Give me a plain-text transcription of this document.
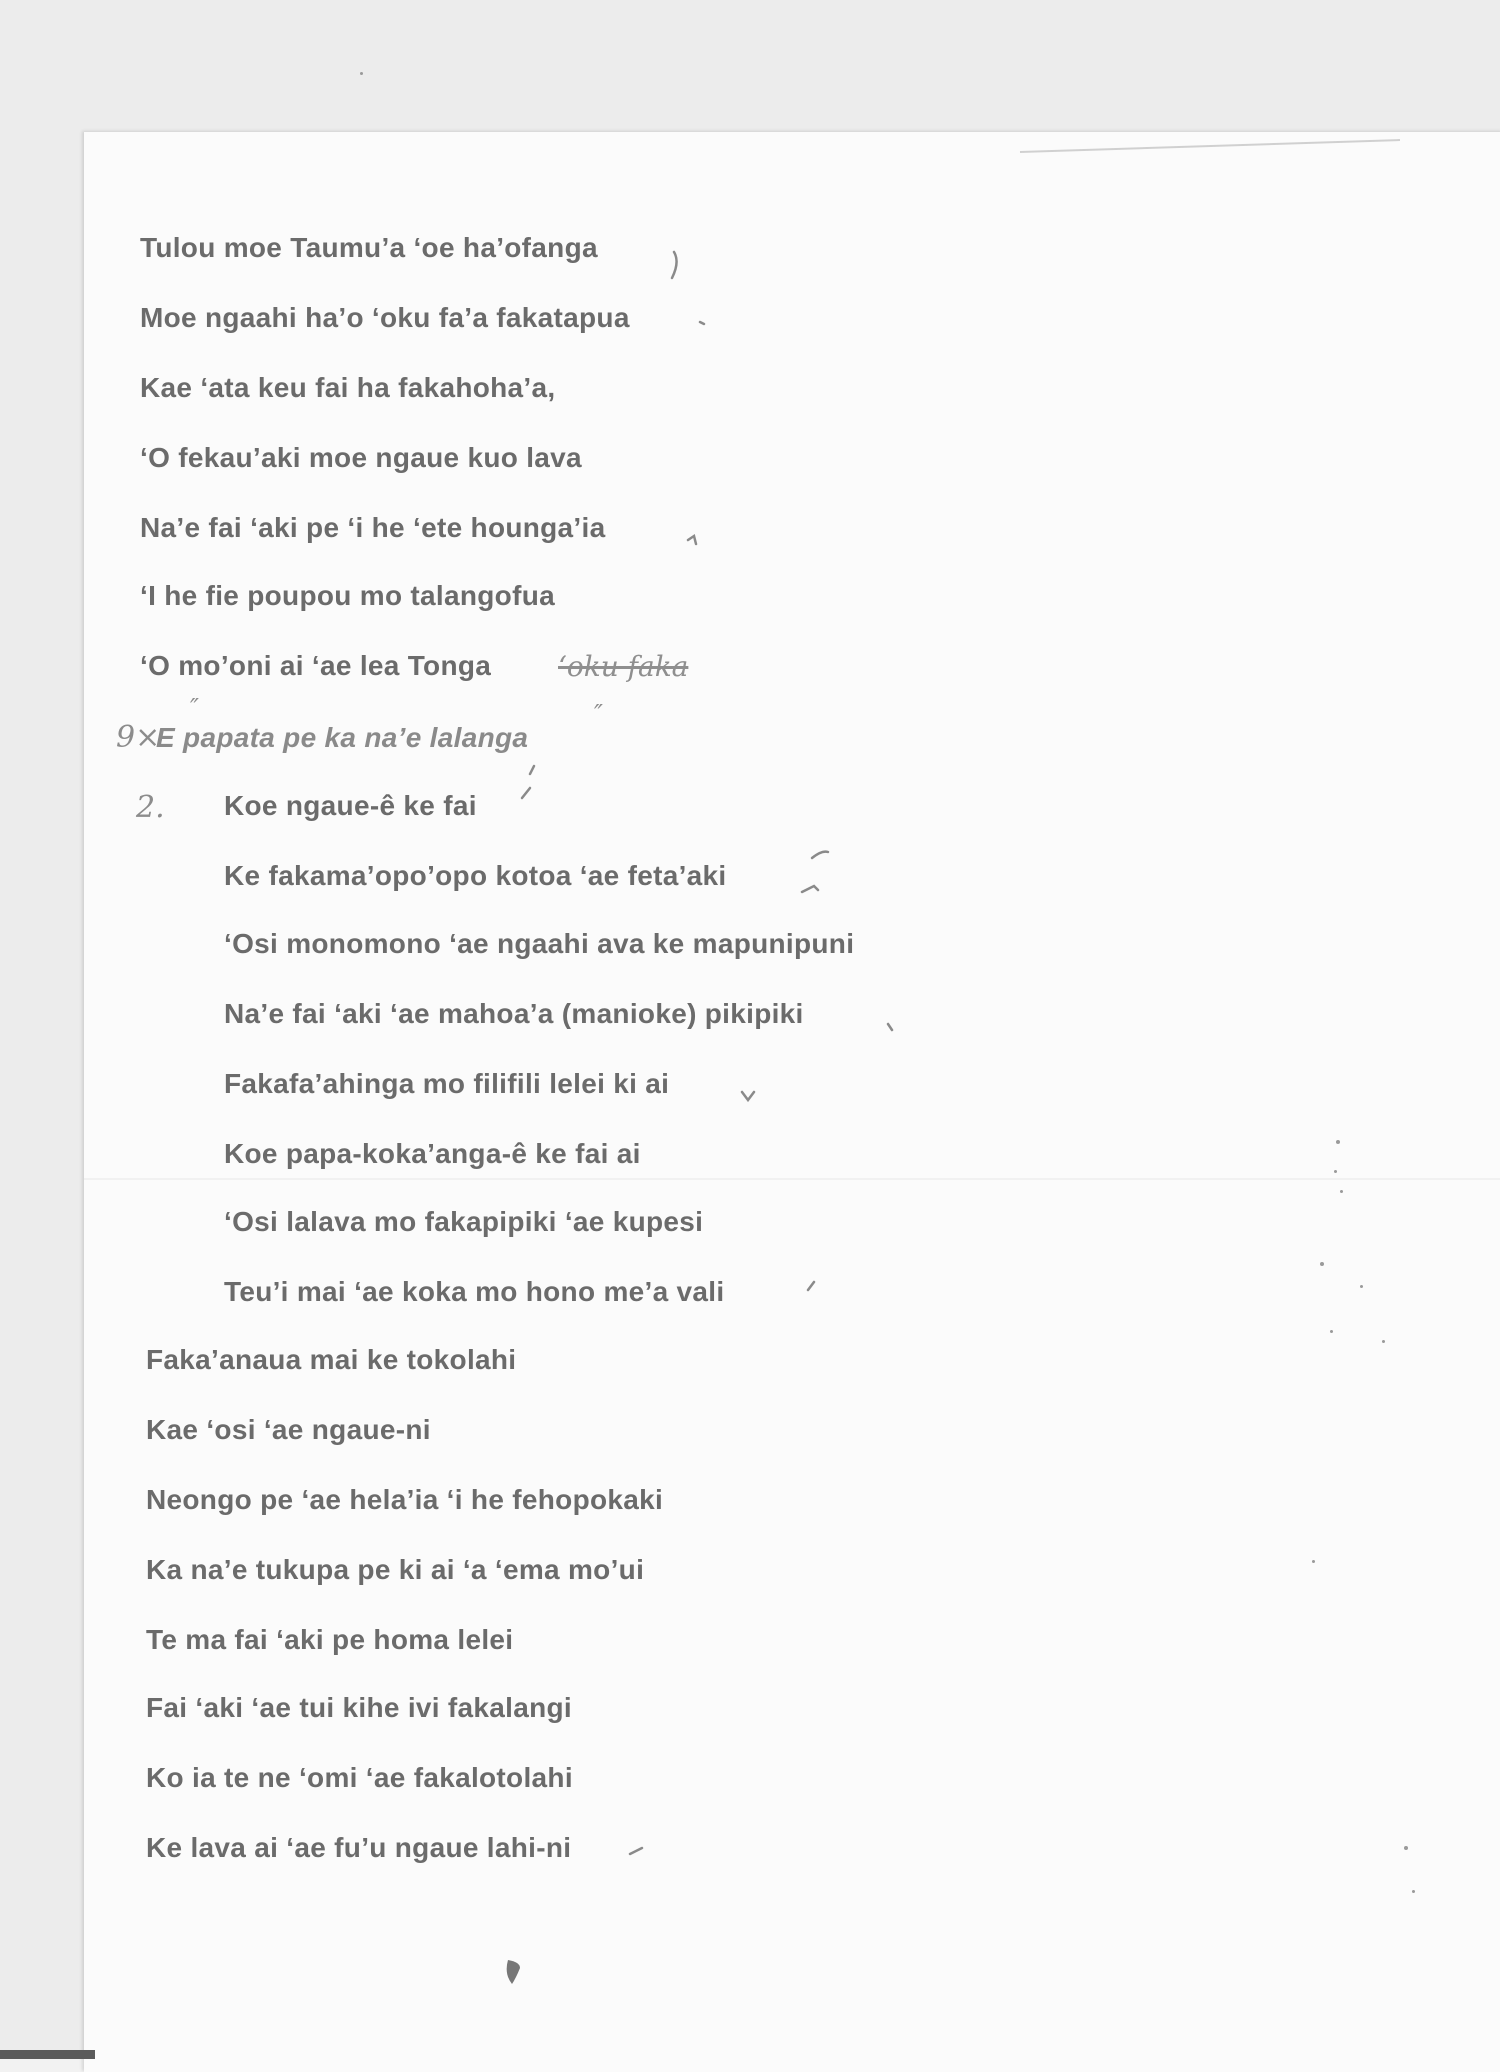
Tulou moe Taumu’a ‘oe ha’ofanga

Moe ngaahi ha’o ‘oku fa’a fakatapua

Kae ‘ata keu fai ha fakahoha’a,

‘O fekau’aki moe ngaue kuo lava

Na’e fai ‘aki pe ‘i he ‘ete hounga’ia

‘I he fie poupou mo talangofua

‘O mo’oni ai ‘ae lea Tonga ‘oku faka
″	″
9×

E papata pe ka na’e lalanga

2. Koe ngaue-ê ke fai

Ke fakama’opo’opo kotoa ‘ae feta’aki

‘Osi monomono ‘ae ngaahi ava ke mapunipuni

Na’e fai ‘aki ‘ae mahoa’a (manioke) pikipiki

Fakafa’ahinga mo filifili lelei ki ai

Koe papa-koka’anga-ê ke fai ai

‘Osi lalava mo fakapipiki ‘ae kupesi

Teu’i mai ‘ae koka mo hono me’a vali

Faka’anaua mai ke tokolahi

Kae ‘osi ‘ae ngaue-ni

Neongo pe ‘ae hela’ia ‘i he fehopokaki

Ka na’e tukupa pe ki ai ‘a ‘ema mo’ui

Te ma fai ‘aki pe homa lelei

Fai ‘aki ‘ae tui kihe ivi fakalangi

Ko ia te ne ‘omi ‘ae fakalotolahi

Ke lava ai ‘ae fu’u ngaue lahi-ni
